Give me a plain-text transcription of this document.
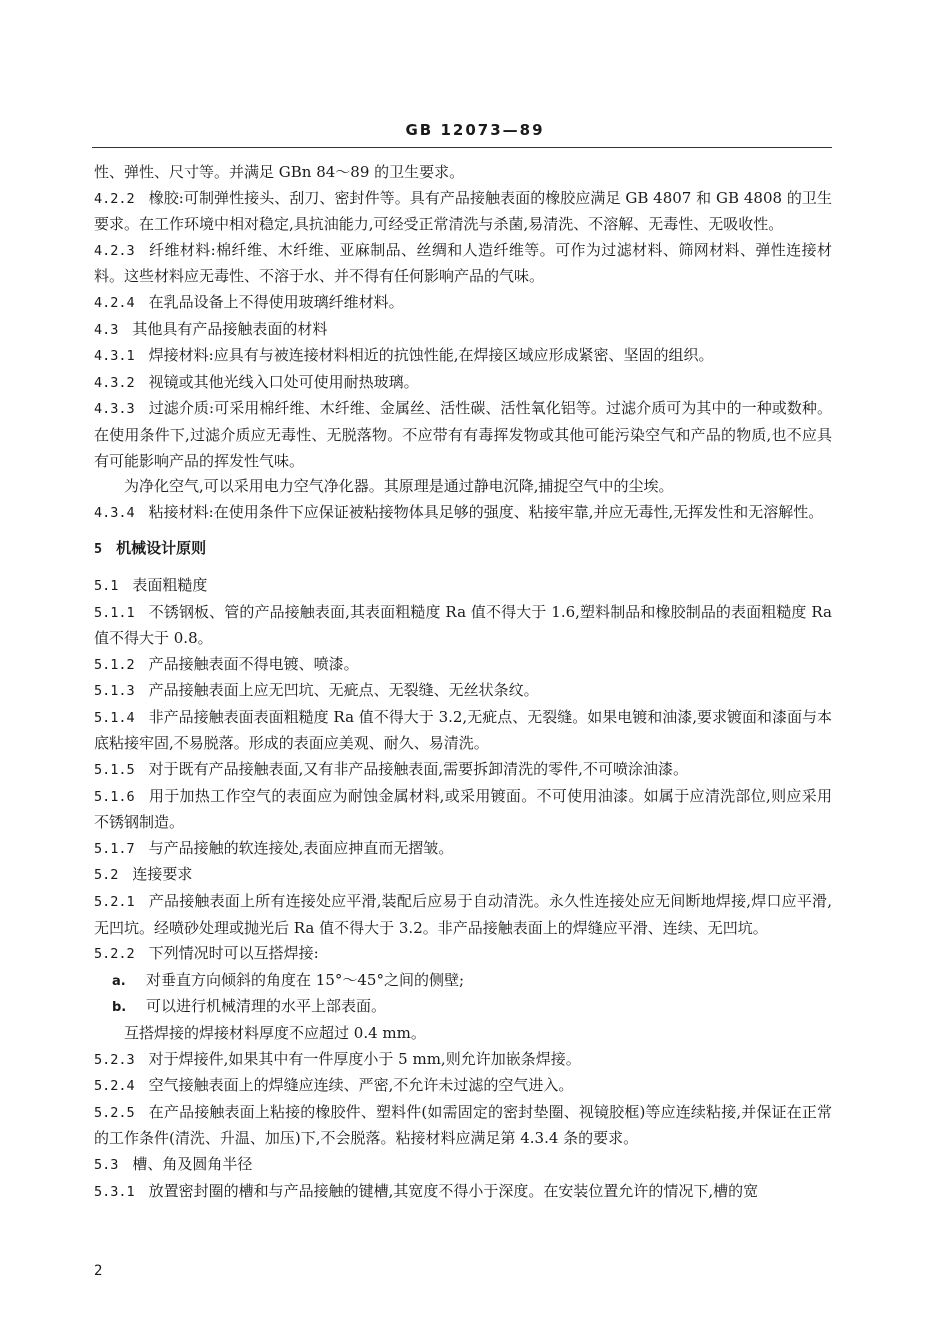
GB 12073—89

性、弹性、尺寸等。并满足 GBn 84～89 的卫生要求。

4.2.2 橡胶:可制弹性接头、刮刀、密封件等。具有产品接触表面的橡胶应满足 GB 4807 和 GB 4808 的卫生要求。在工作环境中相对稳定,具抗油能力,可经受正常清洗与杀菌,易清洗、不溶解、无毒性、无吸收性。

4.2.3 纤维材料:棉纤维、木纤维、亚麻制品、丝绸和人造纤维等。可作为过滤材料、筛网材料、弹性连接材料。这些材料应无毒性、不溶于水、并不得有任何影响产品的气味。

4.2.4 在乳品设备上不得使用玻璃纤维材料。

4.3 其他具有产品接触表面的材料

4.3.1 焊接材料:应具有与被连接材料相近的抗蚀性能,在焊接区域应形成紧密、坚固的组织。

4.3.2 视镜或其他光线入口处可使用耐热玻璃。

4.3.3 过滤介质:可采用棉纤维、木纤维、金属丝、活性碳、活性氧化铝等。过滤介质可为其中的一种或数种。在使用条件下,过滤介质应无毒性、无脱落物。不应带有有毒挥发物或其他可能污染空气和产品的物质,也不应具有可能影响产品的挥发性气味。

为净化空气,可以采用电力空气净化器。其原理是通过静电沉降,捕捉空气中的尘埃。

4.3.4 粘接材料:在使用条件下应保证被粘接物体具足够的强度、粘接牢靠,并应无毒性,无挥发性和无溶解性。

5 机械设计原则

5.1 表面粗糙度

5.1.1 不锈钢板、管的产品接触表面,其表面粗糙度 Ra 值不得大于 1.6,塑料制品和橡胶制品的表面粗糙度 Ra 值不得大于 0.8。

5.1.2 产品接触表面不得电镀、喷漆。

5.1.3 产品接触表面上应无凹坑、无疵点、无裂缝、无丝状条纹。

5.1.4 非产品接触表面表面粗糙度 Ra 值不得大于 3.2,无疵点、无裂缝。如果电镀和油漆,要求镀面和漆面与本底粘接牢固,不易脱落。形成的表面应美观、耐久、易清洗。

5.1.5 对于既有产品接触表面,又有非产品接触表面,需要拆卸清洗的零件,不可喷涂油漆。

5.1.6 用于加热工作空气的表面应为耐蚀金属材料,或采用镀面。不可使用油漆。如属于应清洗部位,则应采用不锈钢制造。

5.1.7 与产品接触的软连接处,表面应抻直而无摺皱。

5.2 连接要求

5.2.1 产品接触表面上所有连接处应平滑,装配后应易于自动清洗。永久性连接处应无间断地焊接,焊口应平滑,无凹坑。经喷砂处理或抛光后 Ra 值不得大于 3.2。非产品接触表面上的焊缝应平滑、连续、无凹坑。

5.2.2 下列情况时可以互搭焊接:

a. 对垂直方向倾斜的角度在 15°～45°之间的侧壁;

b. 可以进行机械清理的水平上部表面。

互搭焊接的焊接材料厚度不应超过 0.4 mm。

5.2.3 对于焊接件,如果其中有一件厚度小于 5 mm,则允许加嵌条焊接。

5.2.4 空气接触表面上的焊缝应连续、严密,不允许未过滤的空气进入。

5.2.5 在产品接触表面上粘接的橡胶件、塑料件(如需固定的密封垫圈、视镜胶框)等应连续粘接,并保证在正常的工作条件(清洗、升温、加压)下,不会脱落。粘接材料应满足第 4.3.4 条的要求。

5.3 槽、角及圆角半径

5.3.1 放置密封圈的槽和与产品接触的键槽,其宽度不得小于深度。在安装位置允许的情况下,槽的宽

2
